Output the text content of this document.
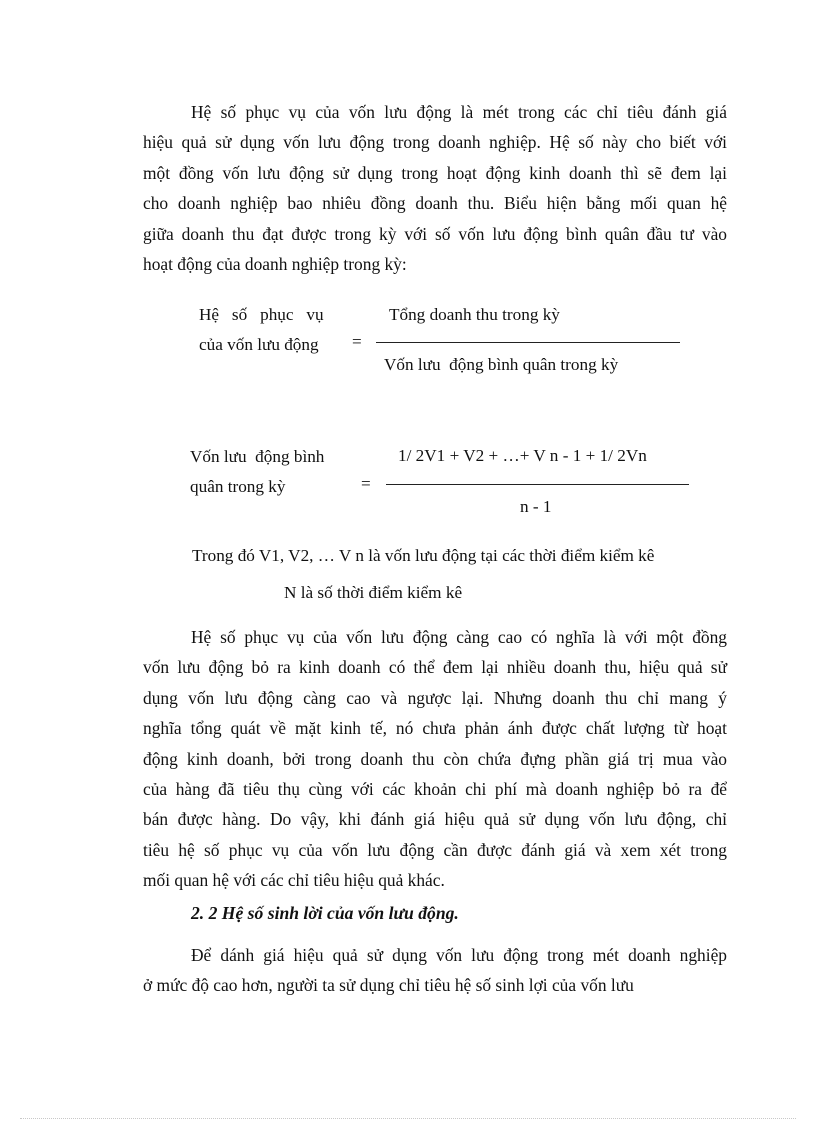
Hệ số phục vụ của vốn lưu động là mét trong các chỉ tiêu đánh giá
hiệu quả sử dụng vốn lưu động trong doanh nghiệp. Hệ số này cho biết với
một đồng vốn lưu động sử dụng trong hoạt động kinh doanh thì sẽ đem lại
cho doanh nghiệp bao nhiêu đồng doanh thu. Biểu hiện bằng mối quan hệ
giữa doanh thu đạt được trong kỳ với số vốn lưu động bình quân đầu tư vào
hoạt động của doanh nghiệp trong kỳ:
Hệ   số   phục   vụ
của vốn lưu động =
Tổng doanh thu trong kỳ
Vốn lưu  động bình quân trong kỳ
Vốn lưu  động bình
quân trong kỳ	=
1/ 2V1 + V2 + …+ V n - 1 + 1/ 2Vn
n - 1
Trong đó V1, V2, … V n là vốn lưu động tại các thời điểm kiểm kê
N là số thời điểm kiểm kê
Hệ số phục vụ của vốn lưu động càng cao có nghĩa là với một đồng
vốn lưu động bỏ ra kinh doanh có thể đem lại nhiều doanh thu, hiệu quả sử
dụng vốn lưu động càng cao và ngược lại. Nhưng doanh thu chỉ mang ý
nghĩa tổng quát về mặt kinh tế, nó chưa phản ánh được chất lượng từ hoạt
động kinh doanh, bởi trong doanh thu còn chứa đựng phần giá trị mua vào
của hàng đã tiêu thụ cùng với các khoản chi phí mà doanh nghiệp bỏ ra để
bán được hàng. Do vậy, khi đánh giá hiệu quả sử dụng vốn lưu động, chỉ
tiêu hệ số phục vụ của vốn lưu động cần được đánh giá và xem xét trong
mối quan hệ với các chỉ tiêu hiệu quả khác.
2. 2 Hệ số sinh lời của vốn lưu động.
Để dánh giá hiệu quả sử dụng vốn lưu động trong mét doanh nghiệp
ở mức độ cao hơn, người ta sử dụng chỉ tiêu hệ số sinh lợi của vốn lưu
